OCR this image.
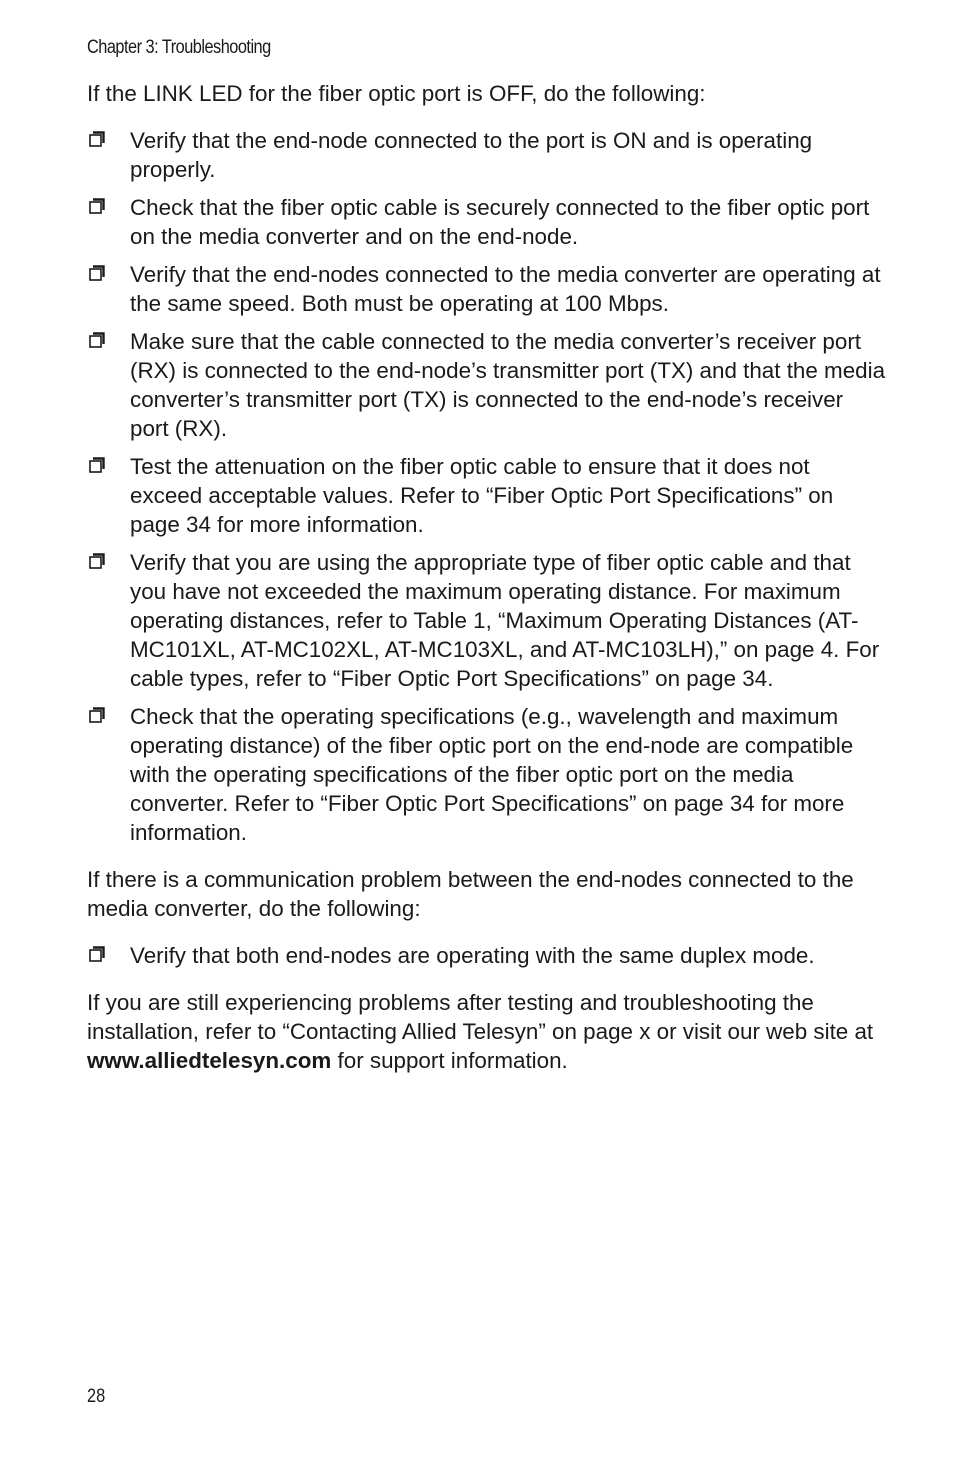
Chapter 3: Troubleshooting

If the LINK LED for the fiber optic port is OFF, do the following:

Verify that the end-node connected to the port is ON and is operating properly.
Check that the fiber optic cable is securely connected to the fiber optic port on the media converter and on the end-node.
Verify that the end-nodes connected to the media converter are operating at the same speed. Both must be operating at 100 Mbps.
Make sure that the cable connected to the media converter’s receiver port (RX) is connected to the end-node’s transmitter port (TX) and that the media converter’s transmitter port (TX) is connected to the end-node’s receiver port (RX).
Test the attenuation on the fiber optic cable to ensure that it does not exceed acceptable values. Refer to “Fiber Optic Port Specifications” on page 34 for more information.
Verify that you are using the appropriate type of fiber optic cable and that you have not exceeded the maximum operating distance. For maximum operating distances, refer to Table 1, “Maximum Operating Distances (AT-MC101XL, AT-MC102XL, AT-MC103XL, and AT-MC103LH),” on page 4. For cable types, refer to “Fiber Optic Port Specifications” on page 34.
Check that the operating specifications (e.g., wavelength and maximum operating distance) of the fiber optic port on the end-node are compatible with the operating specifications of the fiber optic port on the media converter. Refer to “Fiber Optic Port Specifications” on page 34 for more information.

If there is a communication problem between the end-nodes connected to the media converter, do the following:

Verify that both end-nodes are operating with the same duplex mode.

If you are still experiencing problems after testing and troubleshooting the installation, refer to “Contacting Allied Telesyn” on page x or visit our web site at www.alliedtelesyn.com for support information.

28
